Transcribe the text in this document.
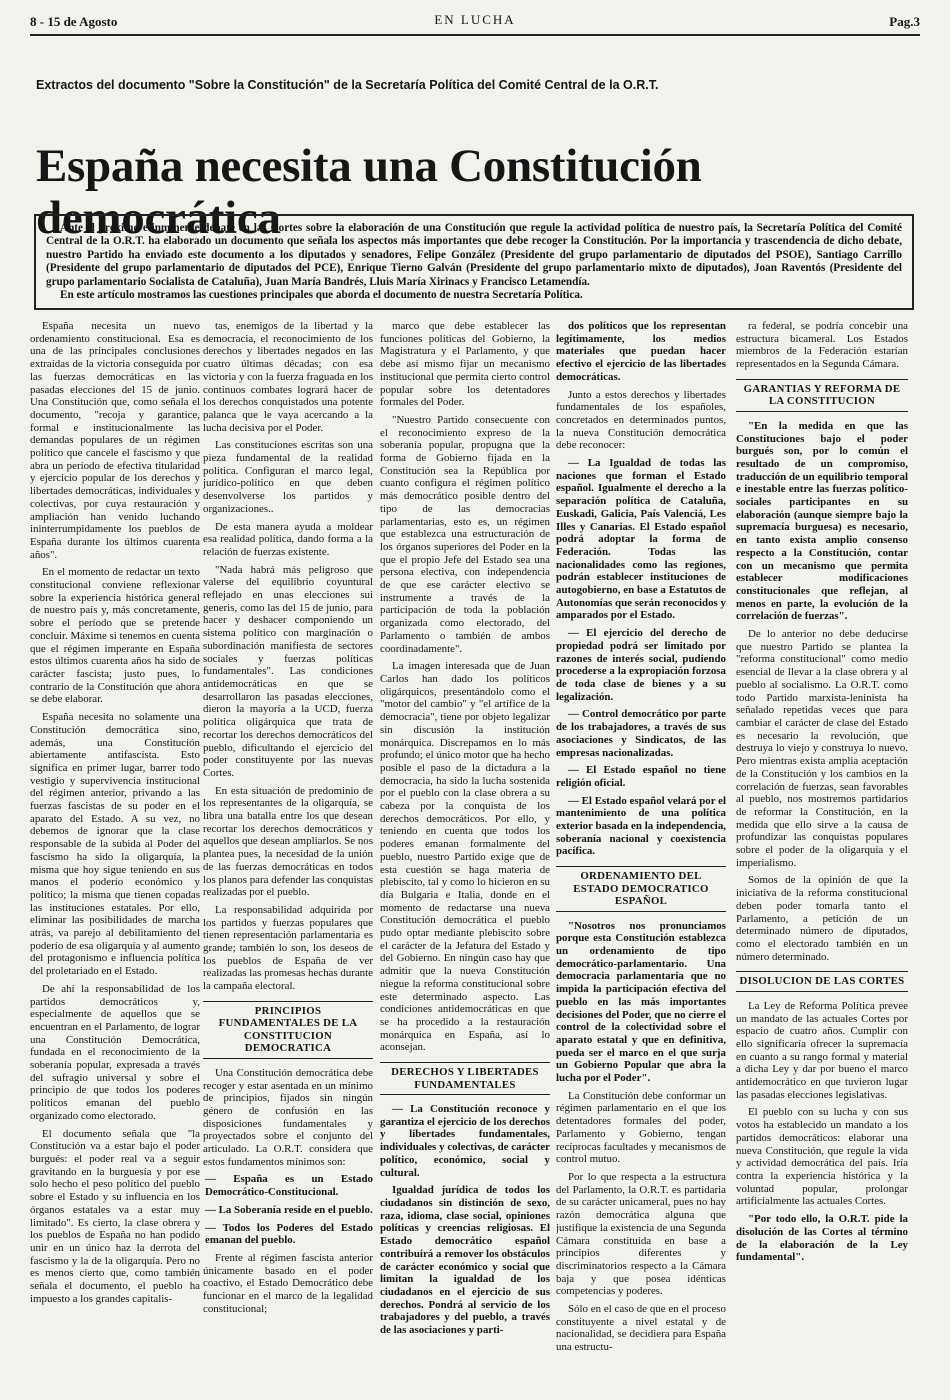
8 - 15 de Agosto	EN LUCHA	Pag.3
Extractos del documento "Sobre la Constitución" de la Secretaría Política del Comité Central de la O.R.T.
España necesita una Constitución democrática

Ante el próximo e inminente debate en las Cortes sobre la elaboración de una Constitución que regule la actividad política de nuestro país, la Secretaría Política del Comité Central de la O.R.T. ha elaborado un documento que señala los aspectos más importantes que debe recoger la Constitución. Por la importancia y trascendencia de dicho debate, nuestro Partido ha enviado este documento a los diputados y senadores, Felipe González (Presidente del grupo parlamentario de diputados del PSOE), Santiago Carrillo (Presidente del grupo parlamentario de diputados del PCE), Enrique Tierno Galván (Presidente del grupo parlamentario mixto de diputados), Joan Raventós (Presidente del grupo parlamentario Socialista de Cataluña), Juan María Bandrés, Lluis María Xirinacs y Francisco Letamendía.

En este artículo mostramos las cuestiones principales que aborda el documento de nuestra Secretaría Política.

España necesita un nuevo ordenamiento constitucional. Esa es una de las principales conclusiones extraídas de la victoria conseguida por las fuerzas democráticas en las pasadas elecciones del 15 de junio. Una Constitución que, como señala el documento, "recoja y garantice, formal e institucionalmente las demandas populares de un régimen político que cancele el fascismo y que abra un período de efectiva titularidad y ejercicio popular de los derechos y libertades democráticas, individuales y colectivas, por cuya restauración y ampliación han venido luchando ininterrumpidamente los pueblos de España durante los últimos cuarenta años".

En el momento de redactar un texto constitucional conviene reflexionar sobre la experiencia histórica general de nuestro país y, más concretamente, sobre el período que se pretende concluir. Máxime si tenemos en cuenta que el régimen imperante en España estos últimos cuarenta años ha sido de carácter fascista; justo pues, lo contrario de la Constitución que ahora se debe elaborar.

España necesita no solamente una Constitución democrática sino, además, una Constitución abiertamente antifascista. Esto significa en primer lugar, barrer todo vestigio y supervivencia institucional del régimen anterior, privando a las fuerzas fascistas de su poder en el aparato del Estado. A su vez, no debemos de ignorar que la clase responsable de la subida al Poder del fascismo ha sido la oligarquía, la misma que hoy sigue teniendo en sus manos el poderío económico y político; la misma que tienen copadas las instituciones estatales. Por ello, eliminar las posibilidades de marcha atrás, va parejo al debilitamiento del poderío de esa oligarquía y al aumento del protagonismo e influencia política del proletariado en el Estado.

De ahí la responsabilidad de los partidos democráticos y, especialmente de aquellos que se encuentran en el Parlamento, de lograr una Constitución Democrática, fundada en el reconocimiento de la soberanía popular, expresada a través del sufragio universal y sobre el principio de que todos los poderes políticos emanan del pueblo organizado como electorado.

El documento señala que "la Constitución va a estar bajo el poder burgués: el poder real va a seguir gravitando en la burguesía y por ese solo hecho el peso político del pueblo sobre el Estado y su influencia en los órganos estatales va a estar muy limitado". Es cierto, la clase obrera y los pueblos de España no han podido unir en un único haz la derrota del fascismo y la de la oligarquía. Pero no es menos cierto que, como también señala el documento, el pueblo ha impuesto a los grandes capitalis-

tas, enemigos de la libertad y la democracia, el reconocimiento de los derechos y libertades negados en las cuatro últimas décadas; con esa victoria y con la fuerza fraguada en los continuos combates logrará hacer de los derechos conquistados una potente palanca que le vaya acercando a la lucha decisiva por el Poder.

Las constituciones escritas son una pieza fundamental de la realidad política. Configuran el marco legal, jurídico-político en que deben desenvolverse los partidos y organizaciones..

De esta manera ayuda a moldear esa realidad política, dando forma a la relación de fuerzas existente.

"Nada habrá más peligroso que valerse del equilibrio coyuntural reflejado en unas elecciones sui generis, como las del 15 de junio, para hacer y deshacer componiendo un sistema político con marginación o subordinación manifiesta de sectores sociales y fuerzas políticas fundamentales". Las condiciones antidemocráticas en que se desarrollaron las pasadas elecciones, dieron la mayoría a la UCD, fuerza política oligárquica que trata de recortar los derechos democráticos del pueblo, dificultando el ejercicio del poder constituyente por las nuevas Cortes.

En esta situación de predominio de los representantes de la oligarquía, se libra una batalla entre los que desean recortar los derechos democráticos y aquellos que desean ampliarlos. Se nos plantea pues, la necesidad de la unión de las fuerzas democráticas en todos los planos para defender las conquistas realizadas por el pueblo.

La responsabilidad adquirida por los partidos y fuerzas populares que tienen representación parlamentaria es grande; también lo son, los deseos de los pueblos de España de ver realizadas las promesas hechas durante la campaña electoral.

PRINCIPIOS FUNDAMENTALES DE LA CONSTITUCION DEMOCRATICA

Una Constitución democrática debe recoger y estar asentada en un mínimo de principios, fijados sin ningún género de confusión en las disposiciones fundamentales y proyectados sobre el conjunto del articulado. La O.R.T. considera que estos fundamentos mínimos son:

— España es un Estado Democrático-Constitucional.

— La Soberanía reside en el pueblo.

— Todos los Poderes del Estado emanan del pueblo.

Frente al régimen fascista anterior únicamente basado en el poder coactivo, el Estado Democrático debe funcionar en el marco de la legalidad constitucional;

marco que debe establecer las funciones políticas del Gobierno, la Magistratura y el Parlamento, y que debe así mismo fijar un mecanismo institucional que permita cierto control popular sobre los detentadores formales del Poder.

"Nuestro Partido consecuente con el reconocimiento expreso de la soberanía popular, propugna que la forma de Gobierno fijada en la Constitución sea la República por cuanto configura el régimen político más democrático posible dentro del tipo de las democracias parlamentarias, esto es, un régimen que establezca una estructuración de los órganos superiores del Poder en la que el propio Jefe del Estado sea una persona electiva, con independencia de que ese carácter electivo se instrumente a través de la participación de toda la población organizada como electorado, del Parlamento o también de ambos coordinadamente".

La imagen interesada que de Juan Carlos han dado los políticos oligárquicos, presentándolo como el "motor del cambio" y "el artífice de la democracia", tiene por objeto legalizar sin discusión la institución monárquica. Discrepamos en lo más profundo; el único motor que ha hecho posible el paso de la dictadura a la democracia, ha sido la lucha sostenida por el pueblo con la clase obrera a su cabeza por la conquista de los derechos democráticos. Por ello, y teniendo en cuenta que todos los poderes emanan formalmente del pueblo, nuestro Partido exige que de esta cuestión se haga materia de plebiscito, tal y como lo hicieron en su día Bulgaria e Italia, donde en el momento de redactarse una nueva Constitución democrática el pueblo pudo optar mediante plebiscito sobre el carácter de la Jefatura del Estado y del Gobierno. En ningún caso hay que admitir que la nueva Constitución niegue la reforma constitucional sobre este determinado aspecto. Las condiciones antidemocráticas en que se ha procedido a la restauración monárquica en España, así lo aconsejan.

DERECHOS Y LIBERTADES FUNDAMENTALES

— La Constitución reconoce y garantiza el ejercicio de los derechos y libertades fundamentales, individuales y colectivas, de carácter político, económico, social y cultural.

Igualdad jurídica de todos los ciudadanos sin distinción de sexo, raza, idioma, clase social, opiniones políticas y creencias religiosas. El Estado democrático español contribuirá a remover los obstáculos de carácter económico y social que limitan la igualdad de los ciudadanos en el ejercicio de sus derechos. Pondrá al servicio de los trabajadores y del pueblo, a través de las asociaciones y parti-

dos políticos que los representan legítimamente, los medios materiales que puedan hacer efectivo el ejercicio de las libertades democráticas.

Junto a estos derechos y libertades fundamentales de los españoles, concretados en determinados puntos, la nueva Constitución democrática debe reconocer:

— La Igualdad de todas las naciones que forman el Estado español. Igualmente el derecho a la separación política de Cataluña, Euskadi, Galicia, País Valenciá, Les Illes y Canarias. El Estado español podrá adoptar la forma de Federación. Todas las nacionalidades como las regiones, podrán establecer instituciones de autogobierno, en base a Estatutos de Autonomías que serán reconocidos y amparados por el Estado.

— El ejercicio del derecho de propiedad podrá ser limitado por razones de interés social, pudiendo procederse a la expropiación forzosa de toda clase de bienes y a su legalización.

— Control democrático por parte de los trabajadores, a través de sus asociaciones y Sindicatos, de las empresas nacionalizadas.

— El Estado español no tiene religión oficial.

— El Estado español velará por el mantenimiento de una política exterior basada en la independencia, soberanía nacional y coexistencia pacífica.

ORDENAMIENTO DEL ESTADO DEMOCRATICO ESPAÑOL

"Nosotros nos pronunciamos porque esta Constitución establezca un ordenamiento de tipo democrático-parlamentario. Una democracia parlamentaria que no impida la participación efectiva del pueblo en las más importantes decisiones del Poder, que no cierre el control de la colectividad sobre el aparato estatal y que en definitiva, pueda ser el marco en el que surja un Gobierno Popular que abra la lucha por el Poder".

La Constitución debe conformar un régimen parlamentario en el que los detentadores formales del poder, Parlamento y Gobierno, tengan recíprocas facultades y mecanismos de control mutuo.

Por lo que respecta a la estructura del Parlamento, la O.R.T. es partidaria de su carácter unicameral, pues no hay razón democrática alguna que justifique la existencia de una Segunda Cámara constituida en base a principios diferentes y discriminatorios respecto a la Cámara baja y que posea idénticas competencias y poderes.

Sólo en el caso de que en el proceso constituyente a nivel estatal y de nacionalidad, se decidiera para España una estructu-

ra federal, se podría concebir una estructura bicameral. Los Estados miembros de la Federación estarían representados en la Segunda Cámara.

GARANTIAS Y REFORMA DE LA CONSTITUCION

"En la medida en que las Constituciones bajo el poder burgués son, por lo común el resultado de un compromiso, traducción de un equilibrio temporal e inestable entre las fuerzas político-sociales participantes en su elaboración (aunque siempre bajo la supremacía burguesa) es necesario, en tanto exista amplio consenso respecto a la Constitución, contar con un mecanismo que permita establecer modificaciones constitucionales que reflejan, al menos en parte, la evolución de la correlación de fuerzas".

De lo anterior no debe deducirse que nuestro Partido se plantea la "reforma constitucional" como medio esencial de llevar a la clase obrera y al pueblo al socialismo. La O.R.T. como todo Partido marxista-leninista ha señalado repetidas veces que para cambiar el carácter de clase del Estado es necesario la revolución, que destruya lo viejo y construya lo nuevo. Pero mientras exista amplia aceptación de la Constitución y los cambios en la correlación de fuerzas, sean favorables al pueblo, nos mostremos partidarios de reformar la Constitución, en la medida que ello sirve a la causa de profundizar las conquistas populares sobre el poder de la oligarquía y el imperialismo.

Somos de la opinión de que la iniciativa de la reforma constitucional deben poder tomarla tanto el Parlamento, a petición de un determinado número de diputados, como el electorado también en un número determinado.

DISOLUCION DE LAS CORTES

La Ley de Reforma Política prevee un mandato de las actuales Cortes por espacio de cuatro años. Cumplir con ello significaría ofrecer la supremacía en cuanto a su rango formal y material a dicha Ley y dar por bueno el marco antidemocrático en que tuvieron lugar las pasadas elecciones legislativas.

El pueblo con su lucha y con sus votos ha establecido un mandato a los partidos democráticos: elaborar una nueva Constitución, que regule la vida y actividad democrática del país. Iría contra la experiencia histórica y la voluntad popular, prolongar artificialmente las actuales Cortes.

"Por todo ello, la O.R.T. pide la disolución de las Cortes al término de la elaboración de la Ley fundamental".
